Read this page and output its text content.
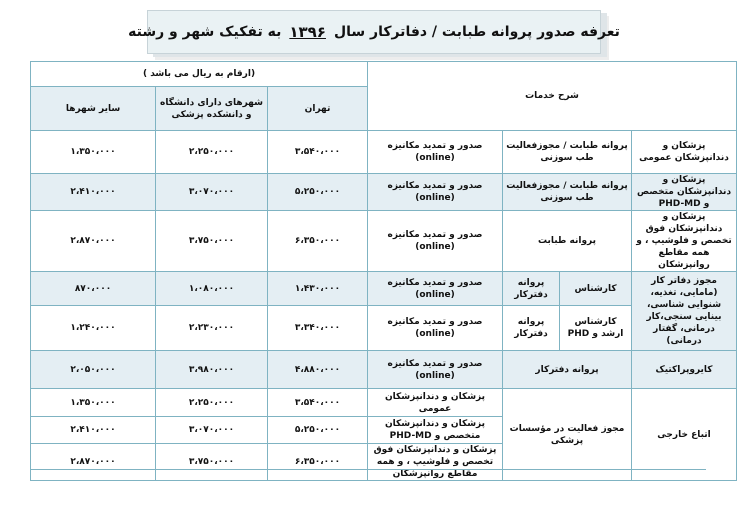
تعرفه صدور پروانه طبابت / دفاترکار سال
۱۳۹۶
به تفکیک شهر و رشته
شرح خدمات				(ارقام به ریال می باشد )		
				تهران	شهرهای دارای دانشگاه و دانشکده پزشکی	سایر شهرها
پزشکان و دندانپزشکان عمومی	پروانه طبابت / مجوزفعالیت طب سوزنی		صدور و تمدید مکانیزه (online)	۳،۵۴۰،۰۰۰	۲،۲۵۰،۰۰۰	۱،۳۵۰،۰۰۰
پزشکان و دندانپزشکان متخصص و PHD-MD	پروانه طبابت / مجوزفعالیت طب سوزنی		صدور و تمدید مکانیزه (online)	۵،۲۵۰،۰۰۰	۳،۰۷۰،۰۰۰	۲،۴۱۰،۰۰۰
پزشکان و دندانپزشکان فوق تخصص و فلوشیپ ، و همه مقاطع روانپزشکان	پروانه طبابت		صدور و تمدید مکانیزه (online)	۶،۳۵۰،۰۰۰	۳،۷۵۰،۰۰۰	۲،۸۷۰،۰۰۰
مجوز دفاتر کار (مامایی، تغذیه، شنوایی شناسی، بینایی سنجی،کار درمانی، گفتار درمانی)	کارشناس	پروانه دفترکار	صدور و تمدید مکانیزه (online)	۱،۴۳۰،۰۰۰	۱،۰۸۰،۰۰۰	۸۷۰،۰۰۰
	کارشناس ارشد و PHD	پروانه دفترکار	صدور و تمدید مکانیزه (online)	۳،۳۴۰،۰۰۰	۲،۲۳۰،۰۰۰	۱،۲۴۰،۰۰۰
کایروپراکتیک	پروانه دفترکار		صدور و تمدید مکانیزه (online)	۴،۸۸۰،۰۰۰	۳،۹۸۰،۰۰۰	۲،۰۵۰،۰۰۰
اتباع خارجی	مجوز فعالیت در مؤسسات پزشکی		پزشکان و دندانپزشکان عمومی	۳،۵۴۰،۰۰۰	۲،۲۵۰،۰۰۰	۱،۳۵۰،۰۰۰
			پزشکان و دندانپزشکان متخصص و PHD-MD	۵،۲۵۰،۰۰۰	۳،۰۷۰،۰۰۰	۲،۴۱۰،۰۰۰
			پزشکان و دندانپزشکان فوق تخصص و فلوشیپ ، و همه مقاطع روانپزشکان	۶،۳۵۰،۰۰۰	۳،۷۵۰،۰۰۰	۲،۸۷۰،۰۰۰
